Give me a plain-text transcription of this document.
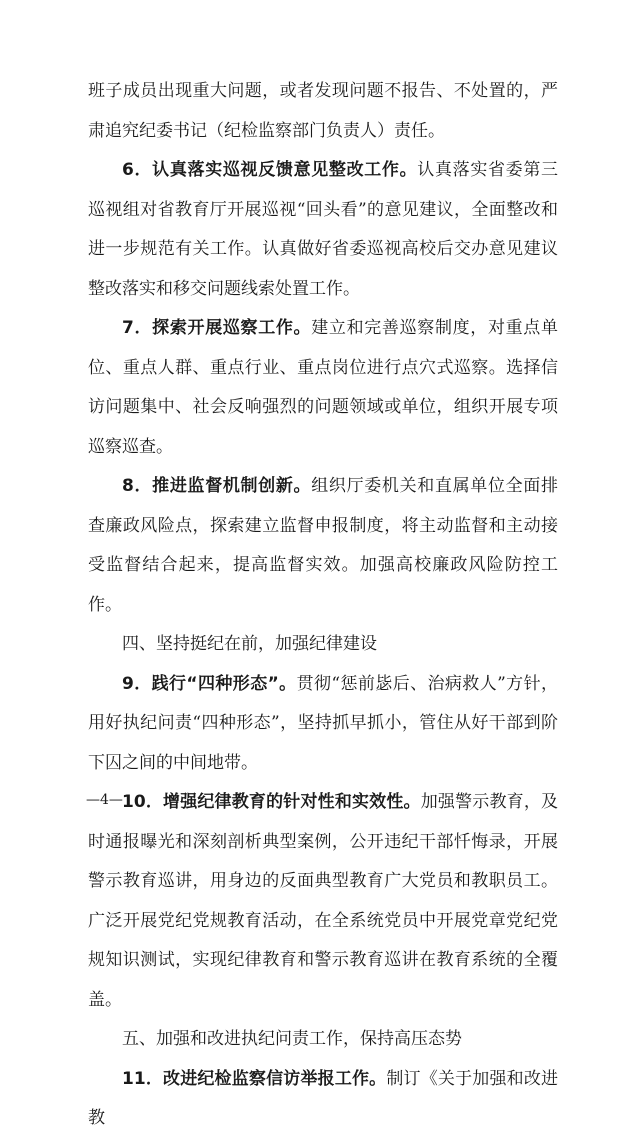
班子成员出现重大问题，或者发现问题不报告、不处置的，严肃追究纪委书记（纪检监察部门负责人）责任。

6．认真落实巡视反馈意见整改工作。认真落实省委第三巡视组对省教育厅开展巡视“回头看”的意见建议，全面整改和进一步规范有关工作。认真做好省委巡视高校后交办意见建议整改落实和移交问题线索处置工作。

7．探索开展巡察工作。建立和完善巡察制度，对重点单位、重点人群、重点行业、重点岗位进行点穴式巡察。选择信访问题集中、社会反响强烈的问题领域或单位，组织开展专项巡察巡查。

8．推进监督机制创新。组织厅委机关和直属单位全面排查廉政风险点，探索建立监督申报制度，将主动监督和主动接受监督结合起来，提高监督实效。加强高校廉政风险防控工作。

四、坚持挺纪在前，加强纪律建设

9．践行“四种形态”。贯彻“惩前毖后、治病救人”方针，用好执纪问责“四种形态”，坚持抓早抓小，管住从好干部到阶下囚之间的中间地带。

10．增强纪律教育的针对性和实效性。加强警示教育，及时通报曝光和深刻剖析典型案例，公开违纪干部忏悔录，开展警示教育巡讲，用身边的反面典型教育广大党员和教职员工。广泛开展党纪党规教育活动，在全系统党员中开展党章党纪党规知识测试，实现纪律教育和警示教育巡讲在教育系统的全覆盖。

五、加强和改进执纪问责工作，保持高压态势

11．改进纪检监察信访举报工作。制订《关于加强和改进教

—4—
